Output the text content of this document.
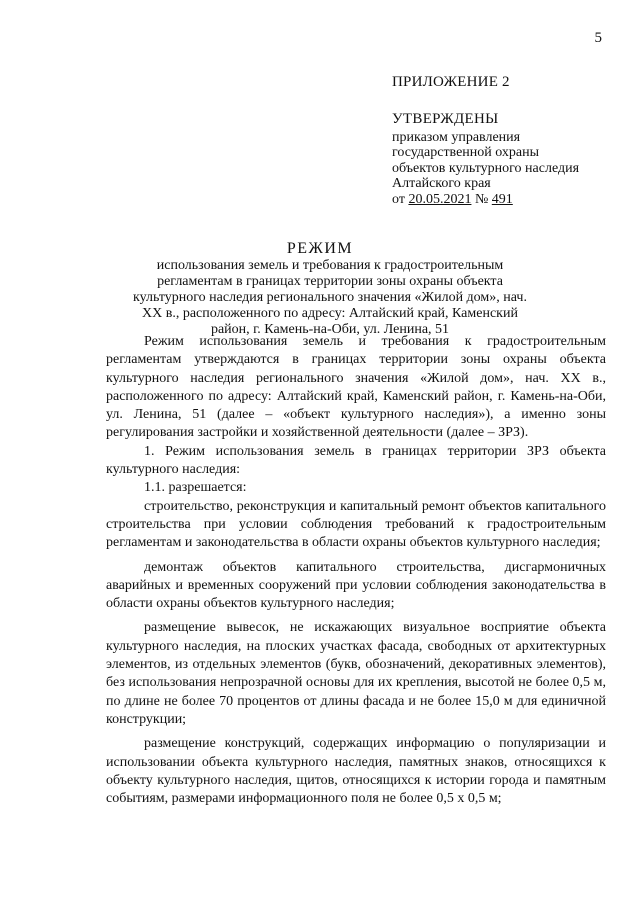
5
ПРИЛОЖЕНИЕ 2
УТВЕРЖДЕНЫ
приказом управления
государственной охраны
объектов культурного наследия
Алтайского края
от 20.05.2021 № 491
РЕЖИМ
использования земель и требования к градостроительным регламентам в границах территории зоны охраны объекта культурного наследия регионального значения «Жилой дом», нач. XX в., расположенного по адресу: Алтайский край, Каменский район, г. Камень-на-Оби, ул. Ленина, 51

Режим использования земель и требования к градостроительным регламентам утверждаются в границах территории зоны охраны объекта культурного наследия регионального значения «Жилой дом», нач. XX в., расположенного по адресу: Алтайский край, Каменский район, г. Камень-на-Оби, ул. Ленина, 51 (далее – «объект культурного наследия»), а именно зоны регулирования застройки и хозяйственной деятельности (далее – ЗРЗ).

1. Режим использования земель в границах территории ЗРЗ объекта культурного наследия:

1.1. разрешается:

строительство, реконструкция и капитальный ремонт объектов капитального строительства при условии соблюдения требований к градостроительным регламентам и законодательства в области охраны объектов культурного наследия;

демонтаж объектов капитального строительства, дисгармоничных аварийных и временных сооружений при условии соблюдения законодательства в области охраны объектов культурного наследия;

размещение вывесок, не искажающих визуальное восприятие объекта культурного наследия, на плоских участках фасада, свободных от архитектурных элементов, из отдельных элементов (букв, обозначений, декоративных элементов), без использования непрозрачной основы для их крепления, высотой не более 0,5 м, по длине не более 70 процентов от длины фасада и не более 15,0 м для единичной конструкции;

размещение конструкций, содержащих информацию о популяризации и использовании объекта культурного наследия, памятных знаков, относящихся к объекту культурного наследия, щитов, относящихся к истории города и памятным событиям, размерами информационного поля не более 0,5 х 0,5 м;
